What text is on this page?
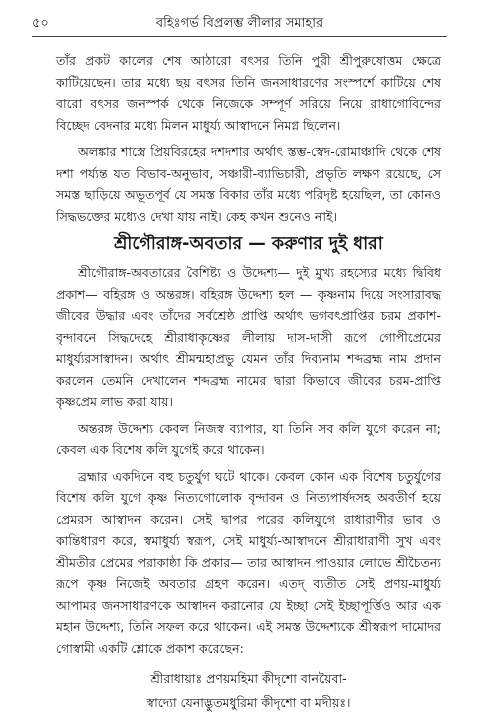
৫০	বহিঃগৰ্ভ বিপ্ৰলম্ভ লীলার সমাহার

তাঁর প্রকট কালের শেষ আঠারো বৎসর তিনি পুরী শ্রীপুরুষোত্তম ক্ষেত্রে কাটিয়েছেন। তার মধ্যে ছয় বৎসর তিনি জনসাধারণের সংস্পর্শে কাটিয়ে শেষ বারো বৎসর জনস্পর্ক থেকে নিজেকে সম্পূর্ণ সরিয়ে নিয়ে রাধাগোবিন্দের বিচ্ছেদ বেদনার মধ্যে মিলন মাধুর্য্য আস্বাদনে নিমগ্ন ছিলেন।

অলঙ্কার শাস্ত্রে প্রিয়বিরহের দশদশার অর্থাৎ স্তম্ভ-স্বেদ-রোমাঞ্চাদি থেকে শেষ দশা পর্য্যন্ত যত বিভাব-অনুভাব, সঞ্চারী-ব্যাভিচারী, প্রভৃতি লক্ষণ রয়েছে, সে সমস্ত ছাড়িয়ে অভূতপূর্ব যে সমস্ত বিকার তাঁর মধ্যে পরিদৃষ্ট হয়েছিল, তা কোনও সিদ্ধভক্তের মধ্যেও দেখা যায় নাই। কেহ কখন শুনেও নাই।

শ্রীগৌরাঙ্গ-অবতার — করুণার দুই ধারা

শ্রীগৌরাঙ্গ-অবতারের বৈশিষ্ট্য ও উদ্দেশ্য— দুই মুখ্য রহস্যের মধ্যে দ্বিবিধ প্রকাশ— বহিরঙ্গ ও অন্তরঙ্গ। বহিরঙ্গ উদ্দেশ্য হল — কৃষ্ণনাম দিয়ে সংসারাবদ্ধ জীবের উদ্ধার এবং তাঁদের সর্বশ্রেষ্ঠ প্রাপ্তি অর্থাৎ ভগবৎপ্রাপ্তির চরম প্রকাশ-বৃন্দাবনে সিদ্ধদেহে শ্রীরাধাকৃষ্ণের লীলায় দাস-দাসী রূপে গোপীপ্রেমের মাধুর্য্যরসাস্বাদন। অর্থাৎ শ্রীমন্মহাপ্রভু যেমন তাঁর দিব্যনাম শব্দব্রহ্ম নাম প্রদান করলেন তেমনি দেখালেন শব্দব্রহ্ম নামের দ্বারা কিভাবে জীবের চরম-প্রাপ্তি কৃষ্ণপ্রেম লাভ করা যায়।

অন্তরঙ্গ উদ্দেশ্য কেবল নিজস্ব ব্যাপার, যা তিনি সব কলি যুগে করেন না; কেবল এক বিশেষ কলি যুগেই করে থাকেন।

ব্রহ্মার একদিনে বহু চতুর্যুগ ঘটে থাকে। কেবল কোন এক বিশেষ চতুর্যুগের বিশেষ কলি যুগে কৃষ্ণ নিত্যগোলোক বৃন্দাবন ও নিত্যপার্ষদসহ অবতীর্ণ হয়ে প্রেমরস আস্বাদন করেন। সেই দ্বাপর পরের কলিযুগে রাধারাণীর ভাব ও কান্তিধারণ করে, স্বমাধুর্য্য স্বরূপ, সেই মাধুর্য্য-আস্বাদনে শ্রীরাধারাণী সুখ এবং শ্রীমতীর প্রেমের পরাকাষ্ঠা কি প্রকার— তার আস্বাদন পাওয়ার লোভে শ্রীচৈতন্য রূপে কৃষ্ণ নিজেই অবতার গ্রহণ করেন। এতদ্ ব্যতীত সেই প্রণয়-মাধুর্য্য আপামর জনসাধারণকে আস্বাদন করানোর যে ইচ্ছা সেই ইচ্ছাপূর্ত্তিও আর এক মহান উদ্দেশ্য, তিনি সফল করে থাকেন। এই সমস্ত উদ্দেশ্যকে শ্রীস্বরূপ দামোদর গোস্বামী একটি শ্লোকে প্রকাশ করেছেন:

শ্রীরাধায়াঃ প্রণয়মহিমা কীদৃশো বানয়ৈবা-
স্বাদ্যো যেনাদ্ভুতমধুরিমা কীদৃশো বা মদীয়ঃ।
